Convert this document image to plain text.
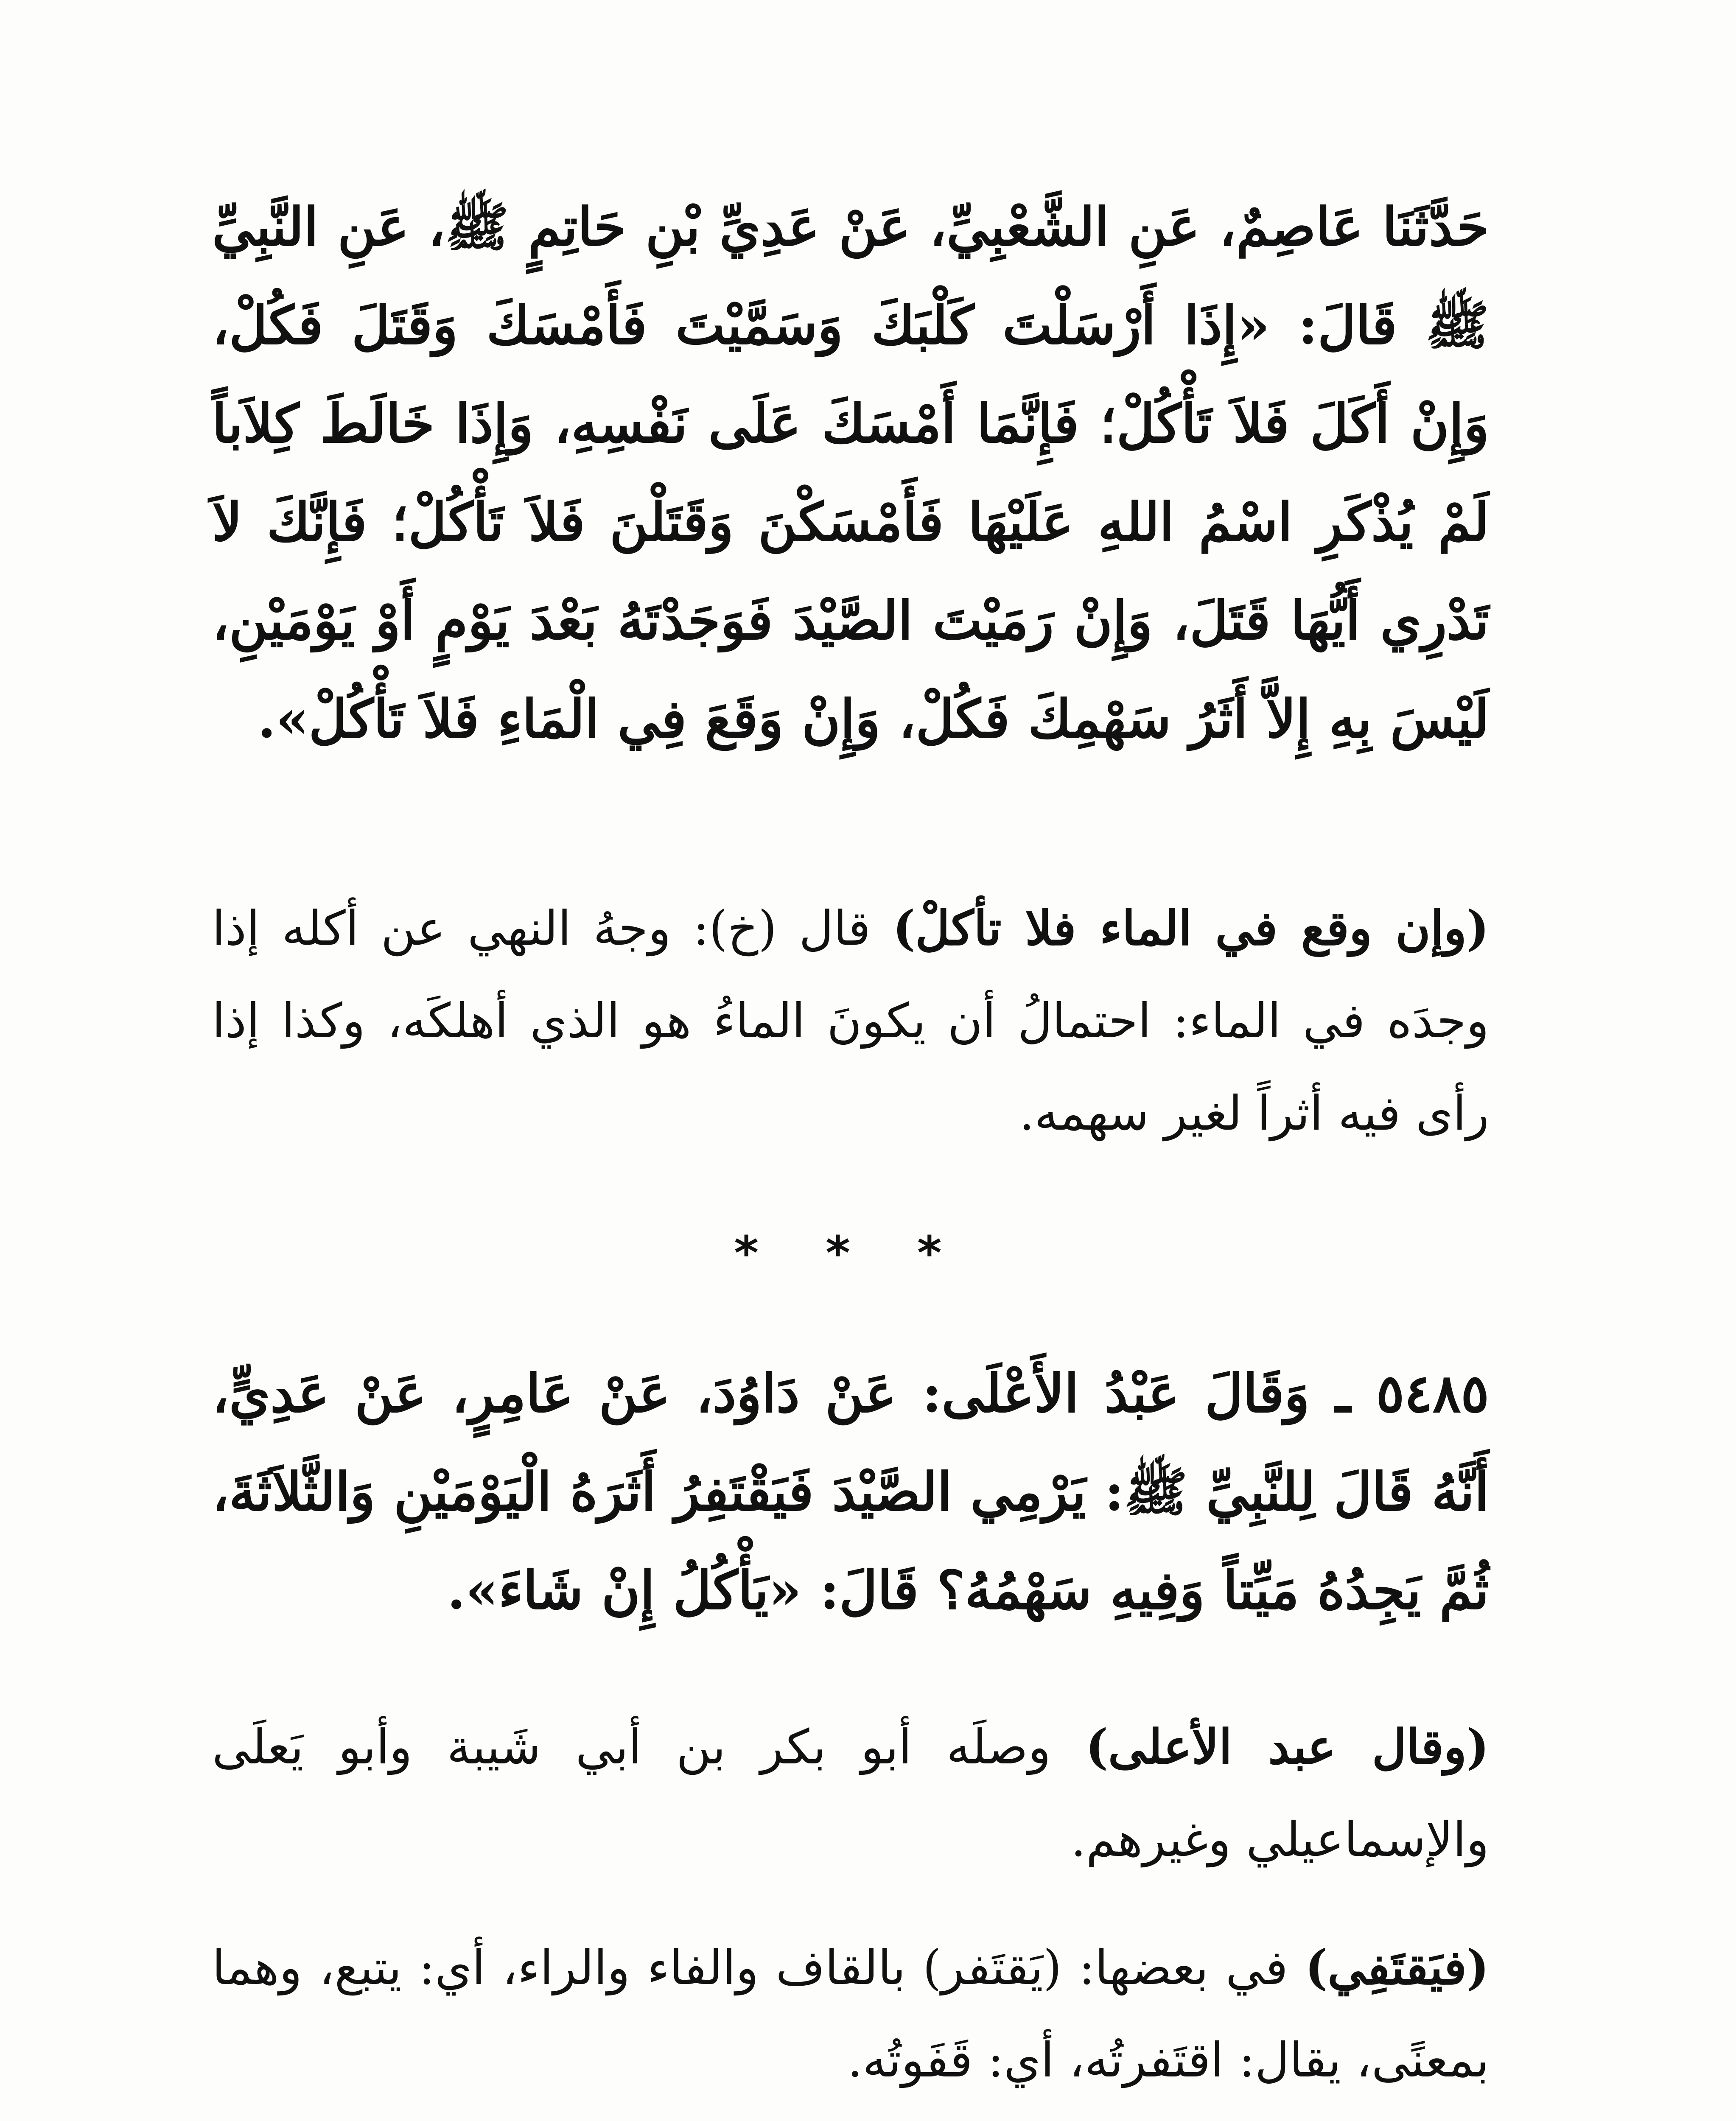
حَدَّثَنَا عَاصِمٌ، عَنِ الشَّعْبِيِّ، عَنْ عَدِيِّ بْنِ حَاتِمٍ ﷺ، عَنِ النَّبِيِّ ﷺ قَالَ: «إِذَا أَرْسَلْتَ كَلْبَكَ وَسَمَّيْتَ فَأَمْسَكَ وَقَتَلَ فَكُلْ، وَإِنْ أَكَلَ فَلاَ تَأْكُلْ؛ فَإِنَّمَا أَمْسَكَ عَلَى نَفْسِهِ، وَإِذَا خَالَطَ كِلاَباً لَمْ يُذْكَرِ اسْمُ اللهِ عَلَيْهَا فَأَمْسَكْنَ وَقَتَلْنَ فَلاَ تَأْكُلْ؛ فَإِنَّكَ لاَ تَدْرِي أَيُّهَا قَتَلَ، وَإِنْ رَمَيْتَ الصَّيْدَ فَوَجَدْتَهُ بَعْدَ يَوْمٍ أَوْ يَوْمَيْنِ، لَيْسَ بِهِ إِلاَّ أَثَرُ سَهْمِكَ فَكُلْ، وَإِنْ وَقَعَ فِي الْمَاءِ فَلاَ تَأْكُلْ».

(وإن وقع في الماء فلا تأكلْ) قال (خ): وجهُ النهي عن أكله إذا وجدَه في الماء: احتمالُ أن يكونَ الماءُ هو الذي أهلكَه، وكذا إذا رأى فيه أثراً لغير سهمه.

* * *

٥٤٨٥ ـ وَقَالَ عَبْدُ الأَعْلَى: عَنْ دَاوُدَ، عَنْ عَامِرٍ، عَنْ عَدِيٍّ، أَنَّهُ قَالَ لِلنَّبِيِّ ﷺ: يَرْمِي الصَّيْدَ فَيَقْتَفِرُ أَثَرَهُ الْيَوْمَيْنِ وَالثَّلاَثَةَ، ثُمَّ يَجِدُهُ مَيِّتاً وَفِيهِ سَهْمُهُ؟ قَالَ: «يَأْكُلُ إِنْ شَاءَ».

(وقال عبد الأعلى) وصلَه أبو بكر بن أبي شَيبة وأبو يَعلَى والإسماعيلي وغيرهم.

(فيَقتَفِي) في بعضها: (يَقتَفر) بالقاف والفاء والراء، أي: يتبع، وهما بمعنًى، يقال: اقتَفرتُه، أي: قَفَوتُه.
